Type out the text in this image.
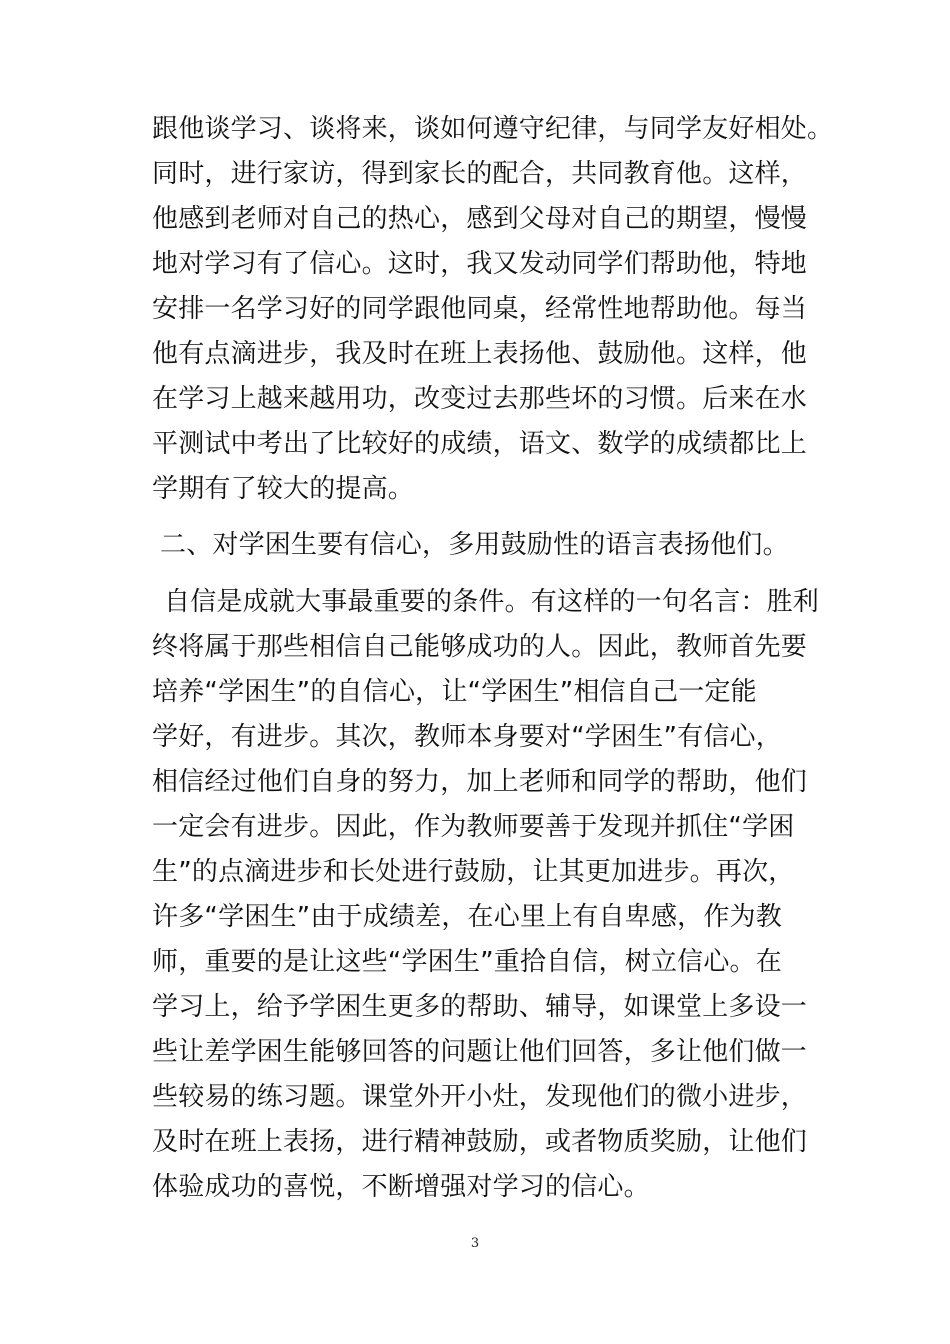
跟他谈学习、谈将来，谈如何遵守纪律，与同学友好相处。
同时，进行家访，得到家长的配合，共同教育他。这样，
他感到老师对自己的热心，感到父母对自己的期望，慢慢
地对学习有了信心。这时，我又发动同学们帮助他，特地
安排一名学习好的同学跟他同桌，经常性地帮助他。每当
他有点滴进步，我及时在班上表扬他、鼓励他。这样，他
在学习上越来越用功，改变过去那些坏的习惯。后来在水
平测试中考出了比较好的成绩，语文、数学的成绩都比上
学期有了较大的提高。
二、对学困生要有信心，多用鼓励性的语言表扬他们。
自信是成就大事最重要的条件。有这样的一句名言：胜利
终将属于那些相信自己能够成功的人。因此，教师首先要
培养“学困生”的自信心，让“学困生”相信自己一定能
学好，有进步。其次，教师本身要对“学困生”有信心，
相信经过他们自身的努力，加上老师和同学的帮助，他们
一定会有进步。因此，作为教师要善于发现并抓住“学困
生”的点滴进步和长处进行鼓励，让其更加进步。再次，
许多“学困生”由于成绩差，在心里上有自卑感，作为教
师，重要的是让这些“学困生”重拾自信，树立信心。在
学习上，给予学困生更多的帮助、辅导，如课堂上多设一
些让差学困生能够回答的问题让他们回答，多让他们做一
些较易的练习题。课堂外开小灶，发现他们的微小进步，
及时在班上表扬，进行精神鼓励，或者物质奖励，让他们
体验成功的喜悦，不断增强对学习的信心。
3
